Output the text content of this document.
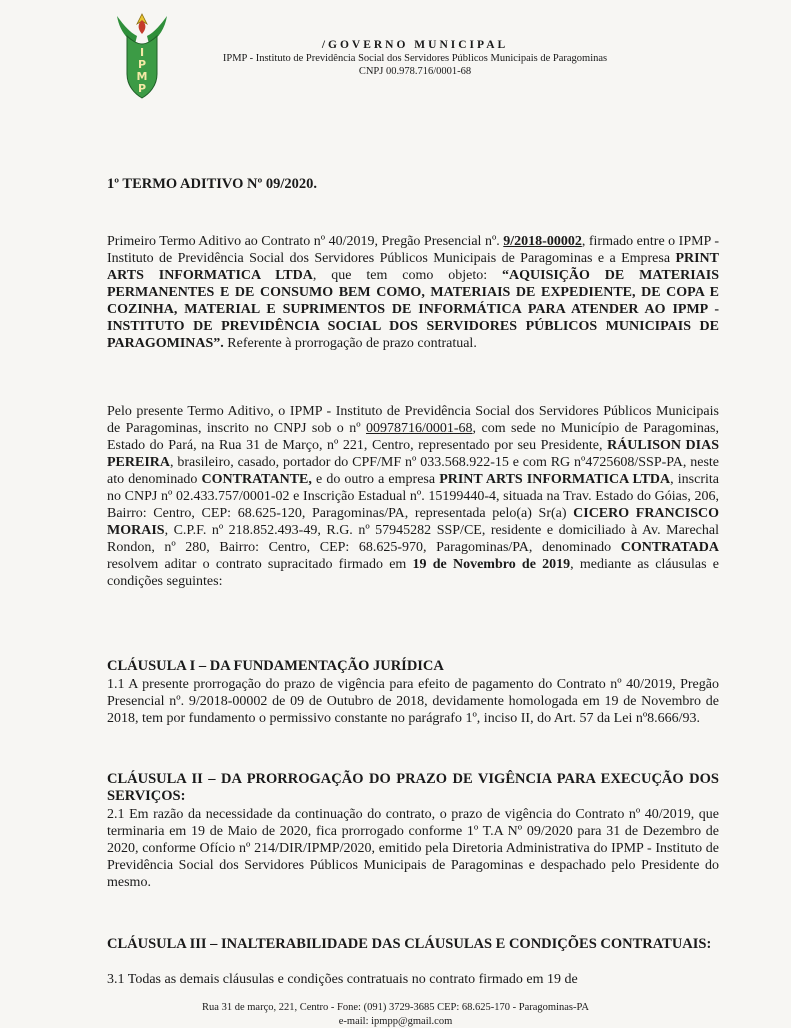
I
P
M
P
/GOVERNO MUNICIPAL
IPMP - Instituto de Previdência Social dos Servidores Públicos Municipais de Paragominas
CNPJ 00.978.716/0001-68
1º TERMO ADITIVO Nº 09/2020.

Primeiro Termo Aditivo ao Contrato nº 40/2019, Pregão Presencial nº. 9/2018-00002, firmado entre o IPMP - Instituto de Previdência Social dos Servidores Públicos Municipais de Paragominas e a Empresa PRINT ARTS INFORMATICA LTDA, que tem como objeto: “AQUISIÇÃO DE MATERIAIS PERMANENTES E DE CONSUMO BEM COMO, MATERIAIS DE EXPEDIENTE, DE COPA E COZINHA, MATERIAL E SUPRIMENTOS DE INFORMÁTICA PARA ATENDER AO IPMP - INSTITUTO DE PREVIDÊNCIA SOCIAL DOS SERVIDORES PÚBLICOS MUNICIPAIS DE PARAGOMINAS”. Referente à prorrogação de prazo contratual.

Pelo presente Termo Aditivo, o IPMP - Instituto de Previdência Social dos Servidores Públicos Municipais de Paragominas, inscrito no CNPJ sob o nº 00978716/0001-68, com sede no Município de Paragominas, Estado do Pará, na Rua 31 de Março, nº 221, Centro, representado por seu Presidente, RÁULISON DIAS PEREIRA, brasileiro, casado, portador do CPF/MF nº 033.568.922-15 e com RG nº4725608/SSP-PA, neste ato denominado CONTRATANTE, e do outro a empresa PRINT ARTS INFORMATICA LTDA, inscrita no CNPJ nº 02.433.757/0001-02 e Inscrição Estadual nº. 15199440-4, situada na Trav. Estado do Góias, 206, Bairro: Centro, CEP: 68.625-120, Paragominas/PA, representada pelo(a) Sr(a) CICERO FRANCISCO MORAIS, C.P.F. nº 218.852.493-49, R.G. nº 57945282 SSP/CE, residente e domiciliado à Av. Marechal Rondon, nº 280, Bairro: Centro, CEP: 68.625-970, Paragominas/PA, denominado CONTRATADA resolvem aditar o contrato supracitado firmado em 19 de Novembro de 2019, mediante as cláusulas e condições seguintes:

CLÁUSULA I – DA FUNDAMENTAÇÃO JURÍDICA

1.1 A presente prorrogação do prazo de vigência para efeito de pagamento do Contrato nº 40/2019, Pregão Presencial nº. 9/2018-00002 de 09 de Outubro de 2018, devidamente homologada em 19 de Novembro de 2018, tem por fundamento o permissivo constante no parágrafo 1º, inciso II, do Art. 57 da Lei nº8.666/93.

CLÁUSULA II – DA PRORROGAÇÃO DO PRAZO DE VIGÊNCIA PARA EXECUÇÃO DOS SERVIÇOS:

2.1 Em razão da necessidade da continuação do contrato, o prazo de vigência do Contrato nº 40/2019, que terminaria em 19 de Maio de 2020, fica prorrogado conforme 1º T.A Nº 09/2020 para 31 de Dezembro de 2020, conforme Ofício nº 214/DIR/IPMP/2020, emitido pela Diretoria Administrativa do IPMP - Instituto de Previdência Social dos Servidores Públicos Municipais de Paragominas e despachado pelo Presidente do mesmo.

CLÁUSULA III – INALTERABILIDADE DAS CLÁUSULAS E CONDIÇÕES CONTRATUAIS:

3.1 Todas as demais cláusulas e condições contratuais no contrato firmado em 19 de

Rua 31 de março, 221, Centro - Fone: (091) 3729-3685 CEP: 68.625-170 - Paragominas-PA
e-mail: ipmpp@gmail.com
